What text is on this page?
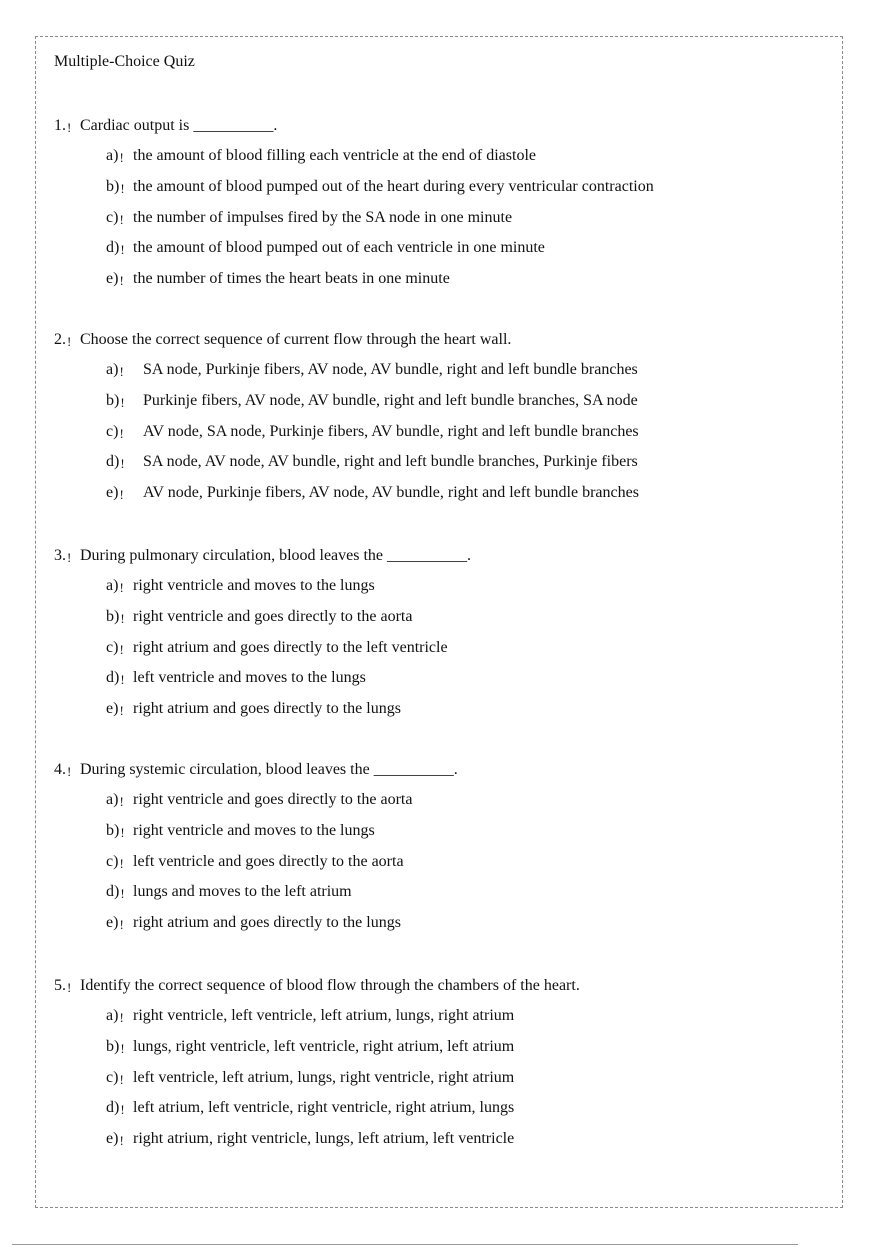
Multiple-Choice Quiz
1.! Cardiac output is __________.
a)! the amount of blood filling each ventricle at the end of diastole
b)! the amount of blood pumped out of the heart during every ventricular contraction
c)! the number of impulses fired by the SA node in one minute
d)! the amount of blood pumped out of each ventricle in one minute
e)! the number of times the heart beats in one minute
2.! Choose the correct sequence of current flow through the heart wall.
a)! SA node, Purkinje fibers, AV node, AV bundle, right and left bundle branches
b)! Purkinje fibers, AV node, AV bundle, right and left bundle branches, SA node
c)! AV node, SA node, Purkinje fibers, AV bundle, right and left bundle branches
d)! SA node, AV node, AV bundle, right and left bundle branches, Purkinje fibers
e)! AV node, Purkinje fibers, AV node, AV bundle, right and left bundle branches
3.! During pulmonary circulation, blood leaves the __________.
a)! right ventricle and moves to the lungs
b)! right ventricle and goes directly to the aorta
c)! right atrium and goes directly to the left ventricle
d)! left ventricle and moves to the lungs
e)! right atrium and goes directly to the lungs
4.! During systemic circulation, blood leaves the __________.
a)! right ventricle and goes directly to the aorta
b)! right ventricle and moves to the lungs
c)! left ventricle and goes directly to the aorta
d)! lungs and moves to the left atrium
e)! right atrium and goes directly to the lungs
5.! Identify the correct sequence of blood flow through the chambers of the heart.
a)! right ventricle, left ventricle, left atrium, lungs, right atrium
b)! lungs, right ventricle, left ventricle, right atrium, left atrium
c)! left ventricle, left atrium, lungs, right ventricle, right atrium
d)! left atrium, left ventricle, right ventricle, right atrium, lungs
e)! right atrium, right ventricle, lungs, left atrium, left ventricle
